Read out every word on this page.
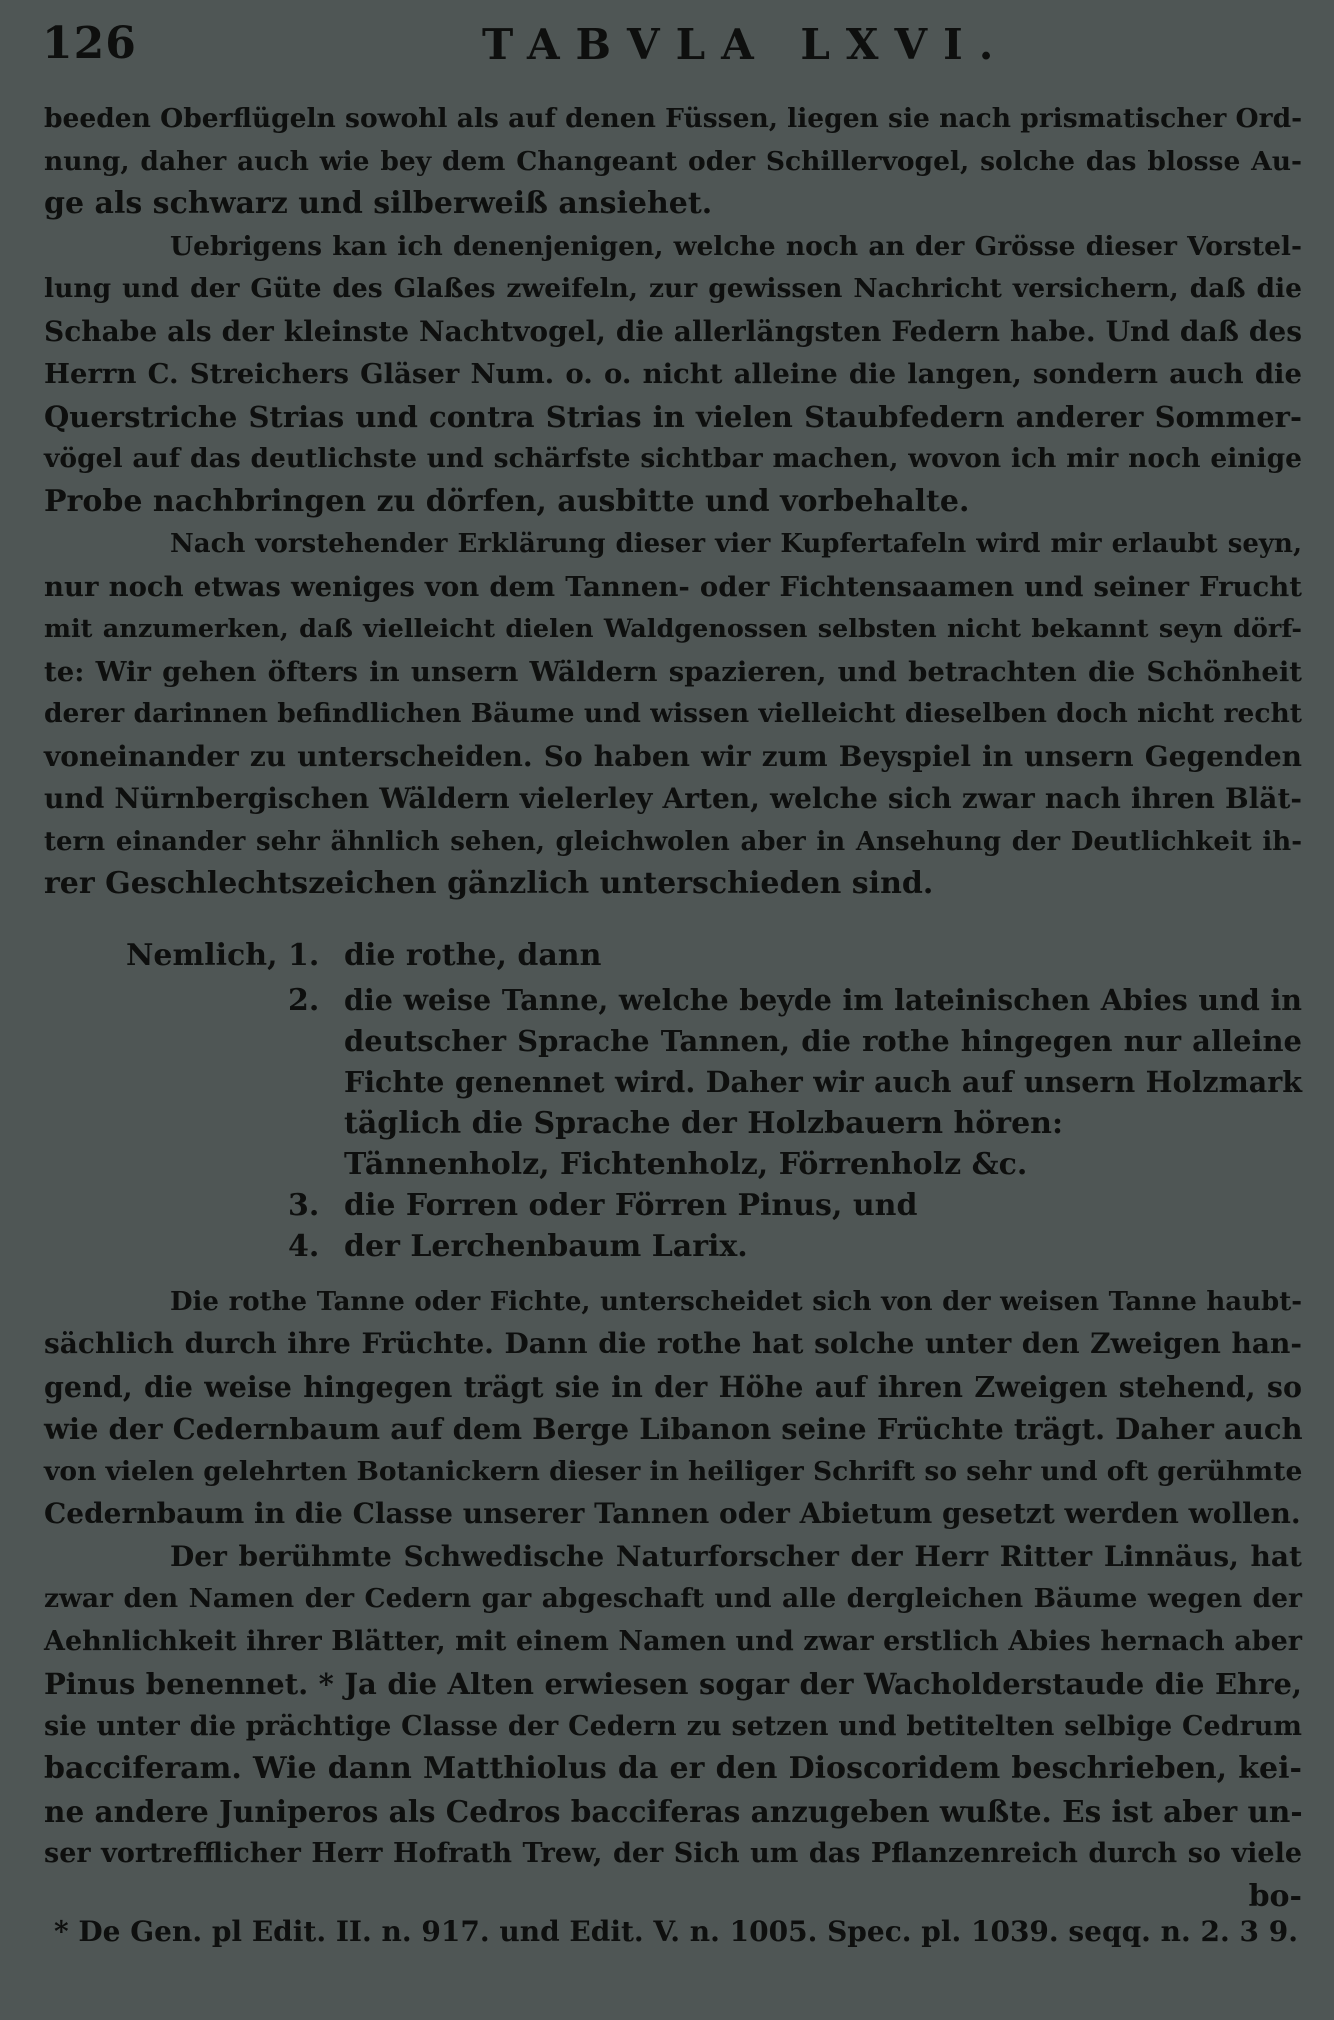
126	TABVLA LXVI.
beeden Oberflügeln sowohl als auf denen Füssen, liegen sie nach prismatischer Ord-
nung, daher auch wie bey dem Changeant oder Schillervogel, solche das blosse Au-
ge als schwarz und silberweiß ansiehet.
Uebrigens kan ich denenjenigen, welche noch an der Grösse dieser Vorstel-
lung und der Güte des Glaßes zweifeln, zur gewissen Nachricht versichern, daß die
Schabe als der kleinste Nachtvogel, die allerlängsten Federn habe. Und daß des
Herrn C. Streichers Gläser Num. o. o. nicht alleine die langen, sondern auch die
Querstriche Strias und contra Strias in vielen Staubfedern anderer Sommer-
vögel auf das deutlichste und schärfste sichtbar machen, wovon ich mir noch einige
Probe nachbringen zu dörfen, ausbitte und vorbehalte.
Nach vorstehender Erklärung dieser vier Kupfertafeln wird mir erlaubt seyn,
nur noch etwas weniges von dem Tannen- oder Fichtensaamen und seiner Frucht
mit anzumerken, daß vielleicht dielen Waldgenossen selbsten nicht bekannt seyn dörf-
te: Wir gehen öfters in unsern Wäldern spazieren, und betrachten die Schönheit
derer darinnen befindlichen Bäume und wissen vielleicht dieselben doch nicht recht
voneinander zu unterscheiden. So haben wir zum Beyspiel in unsern Gegenden
und Nürnbergischen Wäldern vielerley Arten, welche sich zwar nach ihren Blät-
tern einander sehr ähnlich sehen, gleichwolen aber in Ansehung der Deutlichkeit ih-
rer Geschlechtszeichen gänzlich unterschieden sind.
Nemlich, 1. die rothe, dann
2. die weise Tanne, welche beyde im lateinischen Abies und in
deutscher Sprache Tannen, die rothe hingegen nur alleine
Fichte genennet wird. Daher wir auch auf unsern Holzmark
täglich die Sprache der Holzbauern hören:
Tännenholz, Fichtenholz, Förrenholz &c.
3. die Forren oder Förren Pinus, und
4. der Lerchenbaum Larix.
Die rothe Tanne oder Fichte, unterscheidet sich von der weisen Tanne haubt-
sächlich durch ihre Früchte. Dann die rothe hat solche unter den Zweigen han-
gend, die weise hingegen trägt sie in der Höhe auf ihren Zweigen stehend, so
wie der Cedernbaum auf dem Berge Libanon seine Früchte trägt. Daher auch
von vielen gelehrten Botanickern dieser in heiliger Schrift so sehr und oft gerühmte
Cedernbaum in die Classe unserer Tannen oder Abietum gesetzt werden wollen.
Der berühmte Schwedische Naturforscher der Herr Ritter Linnäus, hat
zwar den Namen der Cedern gar abgeschaft und alle dergleichen Bäume wegen der
Aehnlichkeit ihrer Blätter, mit einem Namen und zwar erstlich Abies hernach aber
Pinus benennet. * Ja die Alten erwiesen sogar der Wacholderstaude die Ehre,
sie unter die prächtige Classe der Cedern zu setzen und betitelten selbige Cedrum
bacciferam. Wie dann Matthiolus da er den Dioscoridem beschrieben, kei-
ne andere Juniperos als Cedros bacciferas anzugeben wußte. Es ist aber un-
ser vortrefflicher Herr Hofrath Trew, der Sich um das Pflanzenreich durch so viele
bo-
* De Gen. pl Edit. II. n. 917. und Edit. V. n. 1005. Spec. pl. 1039. seqq. n. 2. 3 9.
